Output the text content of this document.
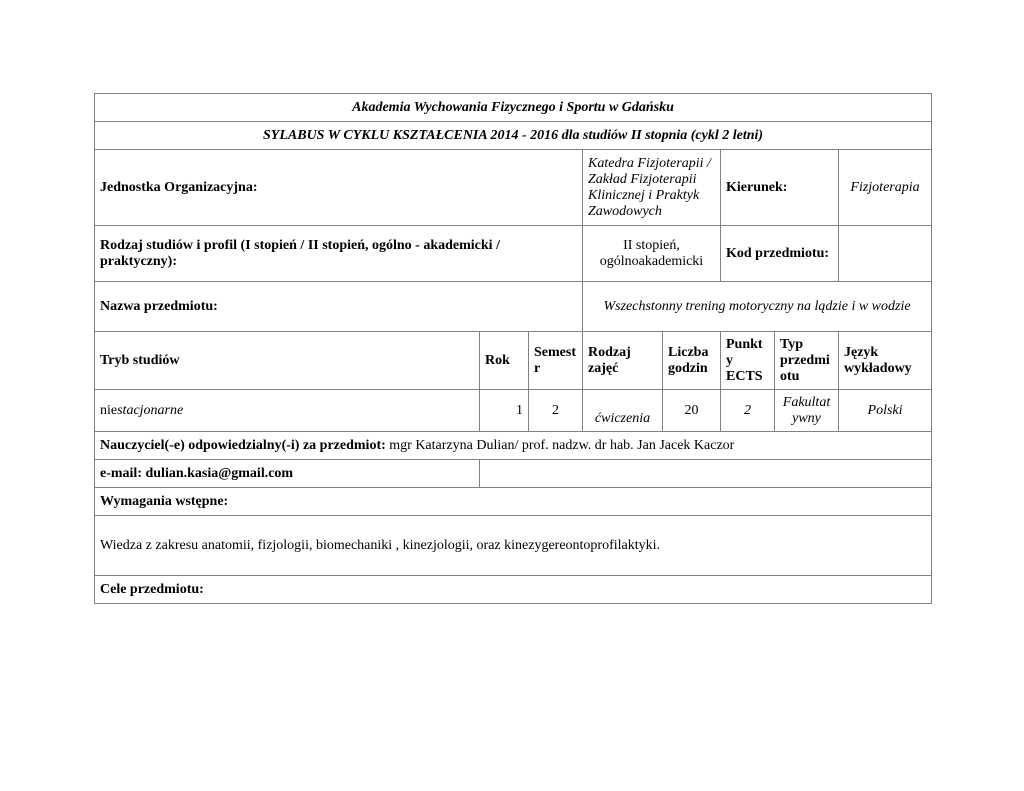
Akademia Wychowania Fizycznego i Sportu w Gdańsku							
SYLABUS W CYKLU KSZTAŁCENIA 2014 - 2016 dla studiów II stopnia (cykl 2 letni)							
Jednostka Organizacyjna:			Katedra Fizjoterapii / Zakład Fizjoterapii Klinicznej i Praktyk Zawodowych		Kierunek:		Fizjoterapia
Rodzaj studiów i profil (I stopień / II stopień, ogólno - akademicki / praktyczny):			II stopień, ogólnoakademicki		Kod przedmiotu:		
Nazwa przedmiotu:			Wszechstonny trening motoryczny na lądzie i w wodzie				
Tryb studiów	Rok	Semest r	Rodzaj zajęć	Liczba godzin	Punkt y ECTS	Typ przedmi otu	Język wykładowy
niestacjonarne	1	2	ćwiczenia	20	2	Fakultat ywny	Polski
Nauczyciel(-e) odpowiedzialny(-i) za przedmiot: mgr Katarzyna Dulian/ prof. nadzw. dr hab. Jan Jacek Kaczor							
e-mail: dulian.kasia@gmail.com							
Wymagania wstępne:							
Wiedza z zakresu anatomii, fizjologii, biomechaniki , kinezjologii, oraz kinezygereontoprofilaktyki.							
Cele przedmiotu:							
